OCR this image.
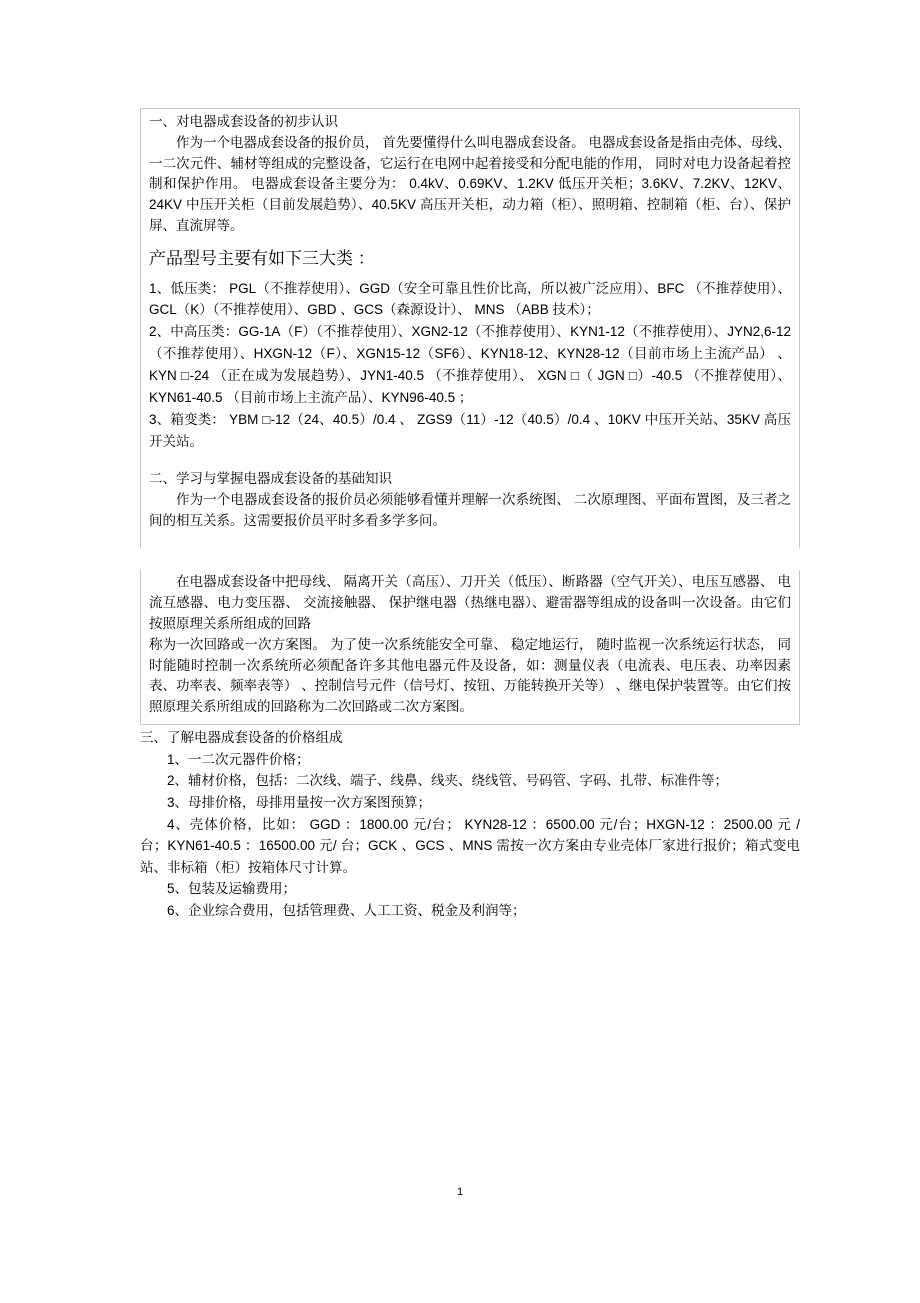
一、对电器成套设备的初步认识

作为一个电器成套设备的报价员， 首先要懂得什么叫电器成套设备。 电器成套设备是指由壳体、母线、一二次元件、辅材等组成的完整设备，它运行在电网中起着接受和分配电能的作用， 同时对电力设备起着控制和保护作用。 电器成套设备主要分为： 0.4kV、0.69KV、1.2KV 低压开关柜；3.6KV、7.2KV、12KV、24KV 中压开关柜（目前发展趋势）、40.5KV 高压开关柜，动力箱（柜）、照明箱、控制箱（柜、台）、保护屏、直流屏等。

产品型号主要有如下三大类 ：

1、低压类： PGL（不推荐使用）、GGD（安全可靠且性价比高，所以被广泛应用）、BFC （不推荐使用）、GCL（K）（不推荐使用）、GBD 、GCS（森源设计）、 MNS （ABB 技术）；

2、中高压类：GG-1A（F）（不推荐使用）、XGN2-12（不推荐使用）、KYN1-12（不推荐使用）、JYN2,6-12（不推荐使用）、HXGN-12（F）、XGN15-12（SF6）、KYN18-12、KYN28-12（目前市场上主流产品） 、KYN □-24 （正在成为发展趋势）、JYN1-40.5 （不推荐使用）、 XGN □（ JGN □）-40.5 （不推荐使用）、KYN61-40.5 （目前市场上主流产品）、KYN96-40.5 ；

3、箱变类： YBM □-12（24、40.5）/0.4 、 ZGS9（11）-12（40.5）/0.4 、10KV 中压开关站、35KV 高压开关站。

二、学习与掌握电器成套设备的基础知识

作为一个电器成套设备的报价员必须能够看懂并理解一次系统图、 二次原理图、平面布置图，及三者之间的相互关系。这需要报价员平时多看多学多问。

在电器成套设备中把母线、 隔离开关（高压）、刀开关（低压）、断路器（空气开关）、电压互感器、 电流互感器、电力变压器、 交流接触器、 保护继电器（热继电器）、避雷器等组成的设备叫一次设备。由它们按照原理关系所组成的回路

称为一次回路或一次方案图。 为了使一次系统能安全可靠、 稳定地运行， 随时监视一次系统运行状态， 同时能随时控制一次系统所必须配备许多其他电器元件及设备，如：测量仪表（电流表、电压表、功率因素表、功率表、频率表等） 、控制信号元件（信号灯、按钮、万能转换开关等） 、继电保护装置等。由它们按照原理关系所组成的回路称为二次回路或二次方案图。

三、了解电器成套设备的价格组成

1、一二次元器件价格；

2、辅材价格，包括：二次线、端子、线鼻、线夹、绕线管、号码管、字码、扎带、标准件等；

3、母排价格，母排用量按一次方案图预算；

4、壳体价格，比如： GGD ：1800.00 元/台； KYN28-12 ：6500.00 元/台；HXGN-12 ：2500.00 元 / 台；KYN61-40.5 ：16500.00 元/ 台；GCK 、GCS 、MNS 需按一次方案由专业壳体厂家进行报价；箱式变电站、非标箱（柜）按箱体尺寸计算。

5、包装及运输费用；

6、企业综合费用，包括管理费、人工工资、税金及利润等；

1
